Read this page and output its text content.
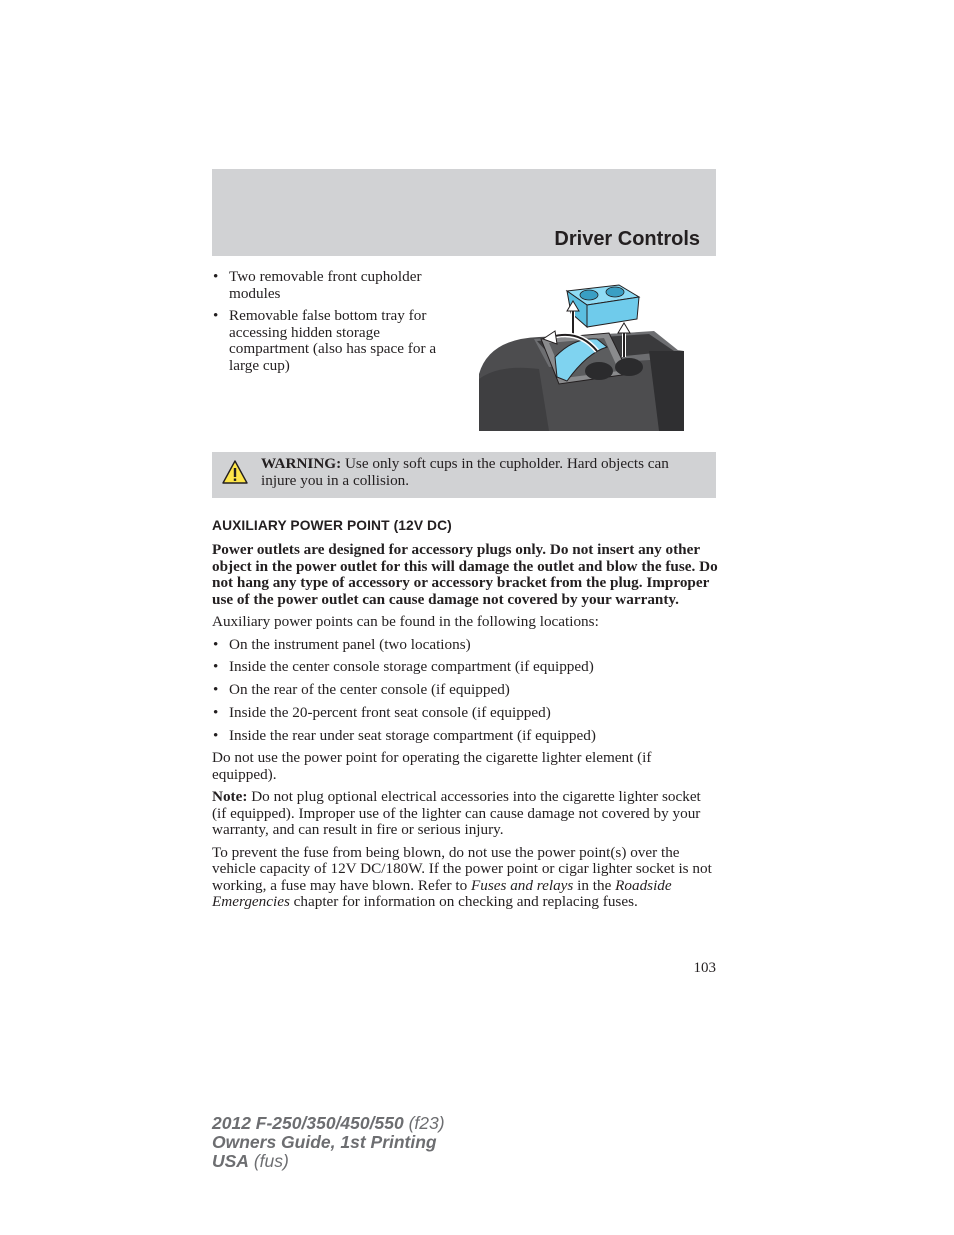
Driver Controls
• Two removable front cupholder modules
• Removable false bottom tray for accessing hidden storage compartment (also has space for a large cup)
WARNING: Use only soft cups in the cupholder. Hard objects can injure you in a collision.
AUXILIARY POWER POINT (12V DC)

Power outlets are designed for accessory plugs only. Do not insert any other object in the power outlet for this will damage the outlet and blow the fuse. Do not hang any type of accessory or accessory bracket from the plug. Improper use of the power outlet can cause damage not covered by your warranty.

Auxiliary power points can be found in the following locations:

• On the instrument panel (two locations)
• Inside the center console storage compartment (if equipped)
• On the rear of the center console (if equipped)
• Inside the 20-percent front seat console (if equipped)
• Inside the rear under seat storage compartment (if equipped)

Do not use the power point for operating the cigarette lighter element (if equipped).

Note: Do not plug optional electrical accessories into the cigarette lighter socket (if equipped). Improper use of the lighter can cause damage not covered by your warranty, and can result in fire or serious injury.

To prevent the fuse from being blown, do not use the power point(s) over the vehicle capacity of 12V DC/180W. If the power point or cigar lighter socket is not working, a fuse may have blown. Refer to Fuses and relays in the Roadside Emergencies chapter for information on checking and replacing fuses.

103
2012 F-250/350/450/550 (f23)
Owners Guide, 1st Printing
USA (fus)
